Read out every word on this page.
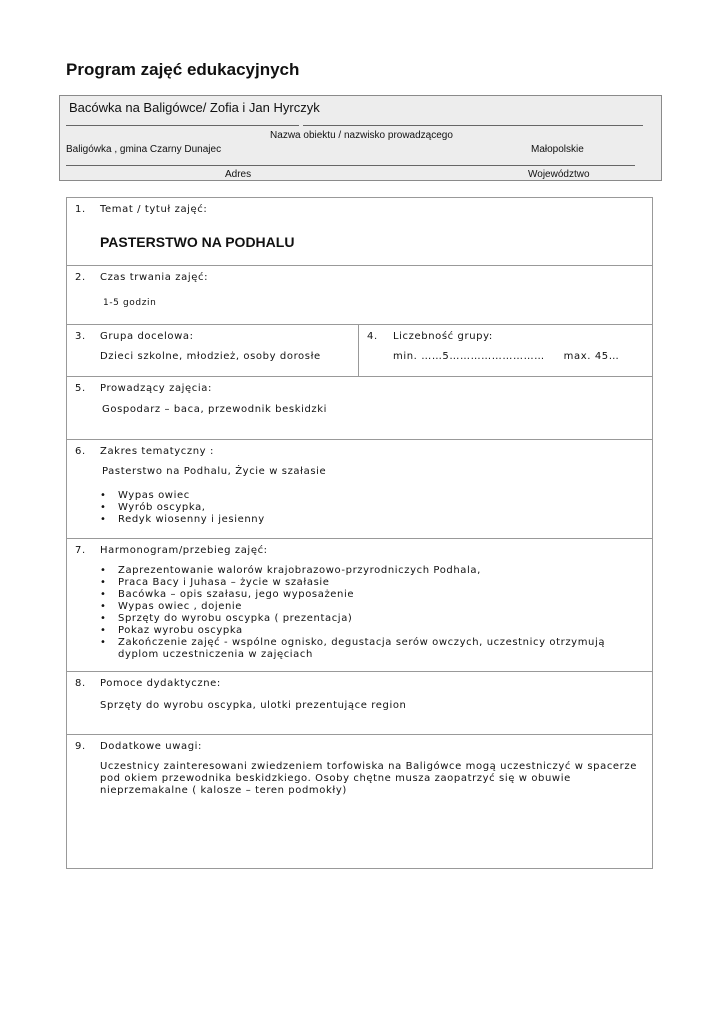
Program zajęć edukacyjnych
Bacówka na Baligówce/ Zofia i Jan Hyrczyk
Nazwa obiektu / nazwisko prowadzącego
Baligówka , gmina Czarny Dunajec	Małopolskie
Adres	Województwo
1. Temat / tytuł zajęć:
PASTERSTWO NA PODHALU
2. Czas trwania zajęć:
1-5 godzin
3. Grupa docelowa:
Dzieci szkolne, młodzież, osoby dorosłe
4. Liczebność grupy:
min. ……5………………………     max. 45…
5. Prowadzący zajęcia:
Gospodarz – baca, przewodnik beskidzki
6. Zakres tematyczny :
Pasterstwo na Podhalu, Życie w szałasie
• Wypas owiec
• Wyrób oscypka,
• Redyk wiosenny i jesienny
7. Harmonogram/przebieg zajęć:
• Zaprezentowanie walorów krajobrazowo-przyrodniczych Podhala,
• Praca Bacy i Juhasa – życie w szałasie
• Bacówka – opis szałasu, jego wyposażenie
• Wypas owiec , dojenie
• Sprzęty do wyrobu oscypka ( prezentacja)
• Pokaz wyrobu oscypka
• Zakończenie zajęć - wspólne ognisko, degustacja serów owczych, uczestnicy otrzymują dyplom uczestniczenia w zajęciach
8. Pomoce dydaktyczne:
Sprzęty do wyrobu oscypka, ulotki prezentujące region
9. Dodatkowe uwagi:
Uczestnicy zainteresowani zwiedzeniem torfowiska na Baligówce mogą uczestniczyć w spacerze pod okiem przewodnika beskidzkiego. Osoby chętne musza zaopatrzyć się w obuwie nieprzemakalne ( kalosze – teren podmokły)
